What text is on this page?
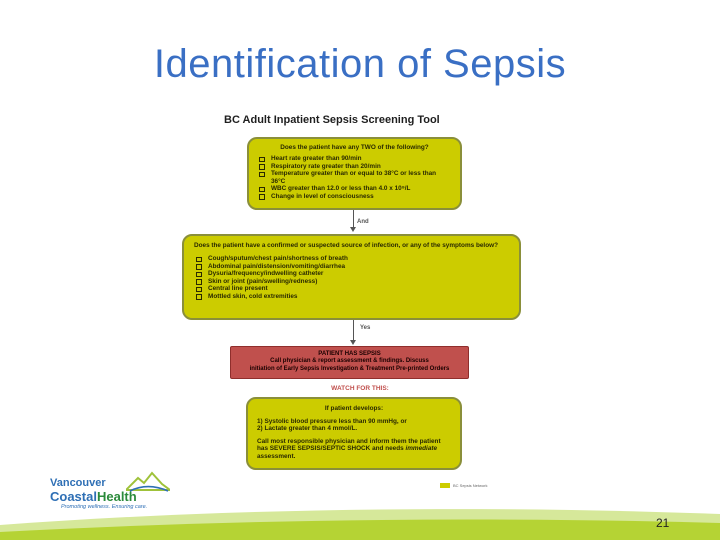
Identification of Sepsis
BC Adult Inpatient Sepsis Screening Tool
Does the patient have any TWO of the following?
Heart rate greater than 90/min
Respiratory rate greater than 20/min
Temperature greater than or equal to 38°C or less than 36°C
WBC greater than 12.0 or less than 4.0 x 10⁹/L
Change in level of consciousness
And
Does the patient have a confirmed or suspected source of infection, or any of the symptoms below?
Cough/sputum/chest pain/shortness of breath
Abdominal pain/distension/vomiting/diarrhea
Dysuria/frequency/indwelling catheter
Skin or joint (pain/swelling/redness)
Central line present
Mottled skin, cold extremities
Yes
PATIENT HAS SEPSIS
Call physician & report assessment & findings. Discuss
initiation of Early Sepsis Investigation & Treatment Pre-printed Orders
WATCH FOR THIS:
If patient develops:

1) Systolic blood pressure less than 90 mmHg, or

2) Lactate greater than 4 mmol/L.

Call most responsible physician and inform them the patient

has SEVERE SEPSIS/SEPTIC SHOCK and needs immediate

assessment.

BC Sepsis Network
Vancouver
CoastalHealth
Promoting wellness. Ensuring care.
21
